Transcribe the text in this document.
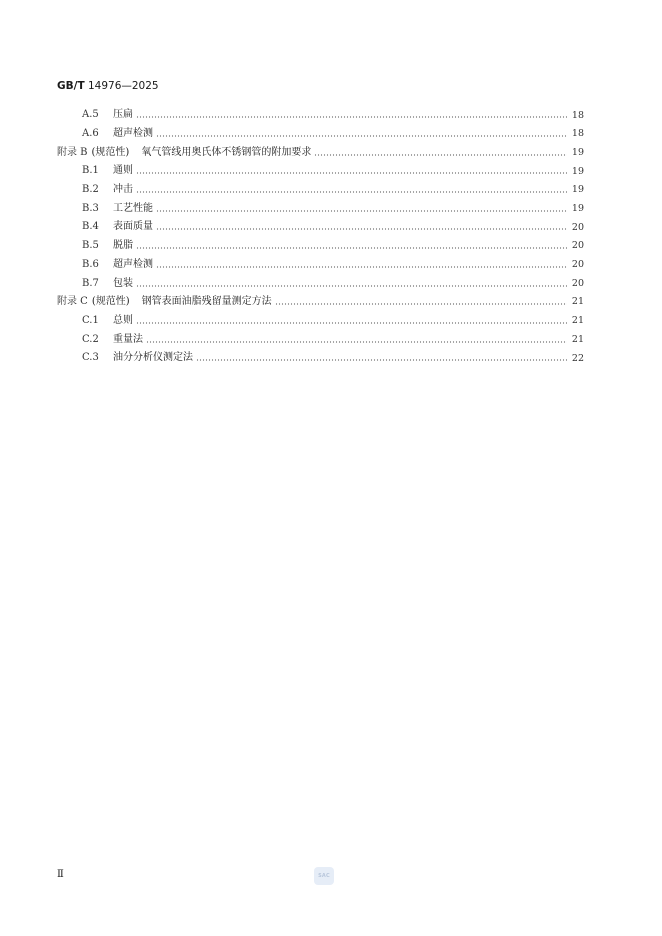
GB/T 14976—2025
A.5 压扁	18
A.6 超声检测	18
附录 B (规范性) 氧气管线用奥氏体不锈钢管的附加要求	19
B.1 通则	19
B.2 冲击	19
B.3 工艺性能	19
B.4 表面质量	20
B.5 脱脂	20
B.6 超声检测	20
B.7 包装	20
附录 C (规范性) 钢管表面油脂残留量测定方法	21
C.1 总则	21
C.2 重量法	21
C.3 油分分析仪测定法	22
Ⅱ	SAC
